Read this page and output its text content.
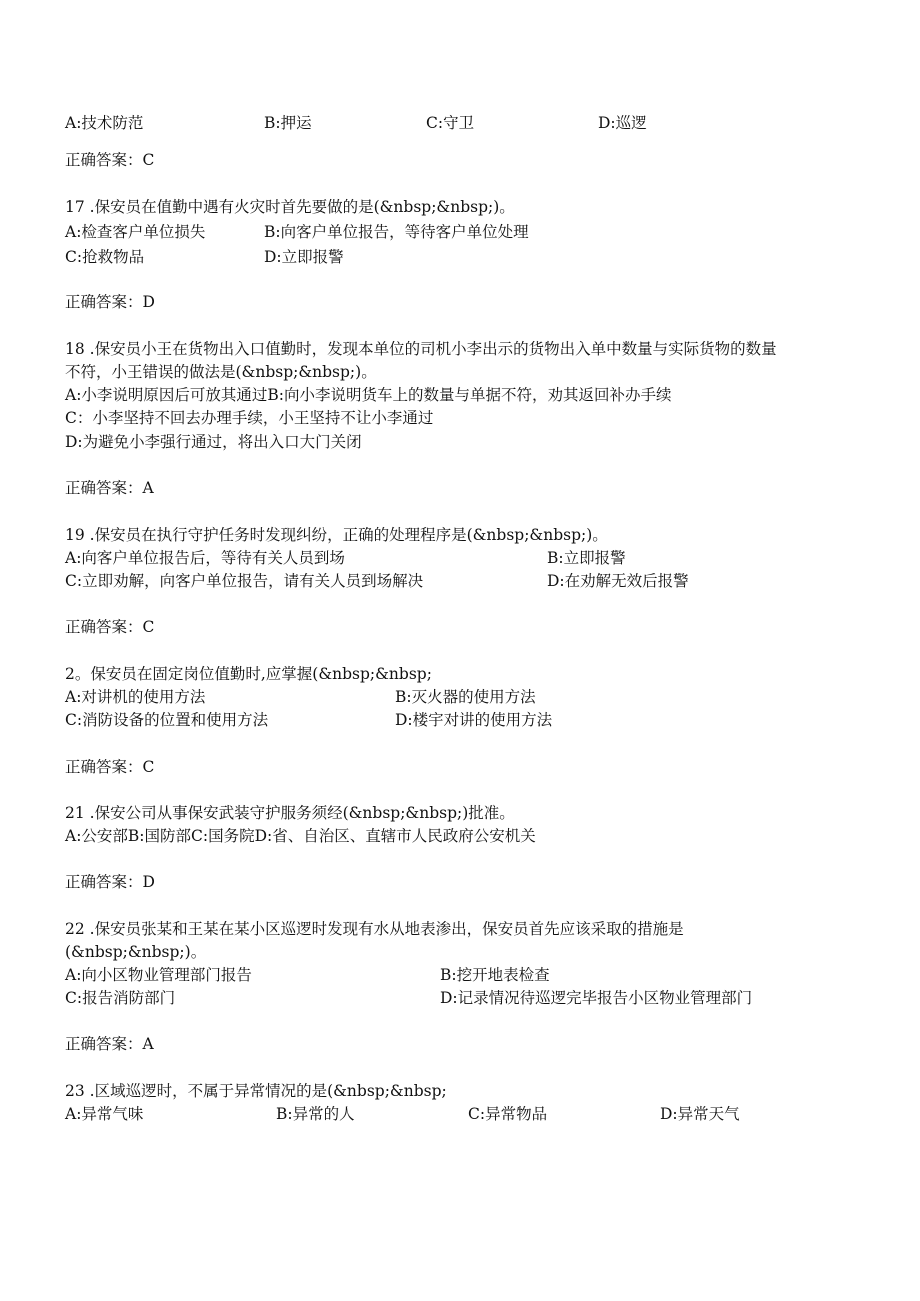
A:技术防范	B:押运	C:守卫	D:巡逻

正确答案：C

17 .保安员在值勤中遇有火灾时首先要做的是(&nbsp;&nbsp;)。

A:检查客户单位损失	B:向客户单位报告，等待客户单位处理
C:抢救物品	D:立即报警

正确答案：D

18 .保安员小王在货物出入口值勤时，发现本单位的司机小李出示的货物出入单中数量与实际货物的数量

不符，小王错误的做法是(&nbsp;&nbsp;)。

A:小李说明原因后可放其通过B:向小李说明货车上的数量与单据不符，劝其返回补办手续

C：小李坚持不回去办理手续，小王坚持不让小李通过

D:为避免小李强行通过，将出入口大门关闭

正确答案：A

19 .保安员在执行守护任务时发现纠纷，正确的处理程序是(&nbsp;&nbsp;)。

A:向客户单位报告后，等待有关人员到场	B:立即报警
C:立即劝解，向客户单位报告，请有关人员到场解决	D:在劝解无效后报警

正确答案：C

2。保安员在固定岗位值勤时,应掌握(&nbsp;&nbsp;

A:对讲机的使用方法	B:灭火器的使用方法
C:消防设备的位置和使用方法	D:楼宇对讲的使用方法

正确答案：C

21 .保安公司从事保安武装守护服务须经(&nbsp;&nbsp;)批准。

A:公安部B:国防部C:国务院D:省、自治区、直辖市人民政府公安机关

正确答案：D

22 .保安员张某和王某在某小区巡逻时发现有水从地表渗出，保安员首先应该采取的措施是

(&nbsp;&nbsp;)。

A:向小区物业管理部门报告	B:挖开地表检查
C:报告消防部门	D:记录情况待巡逻完毕报告小区物业管理部门

正确答案：A

23 .区域巡逻时，不属于异常情况的是(&nbsp;&nbsp;

A:异常气味	B:异常的人	C:异常物品	D:异常天气
